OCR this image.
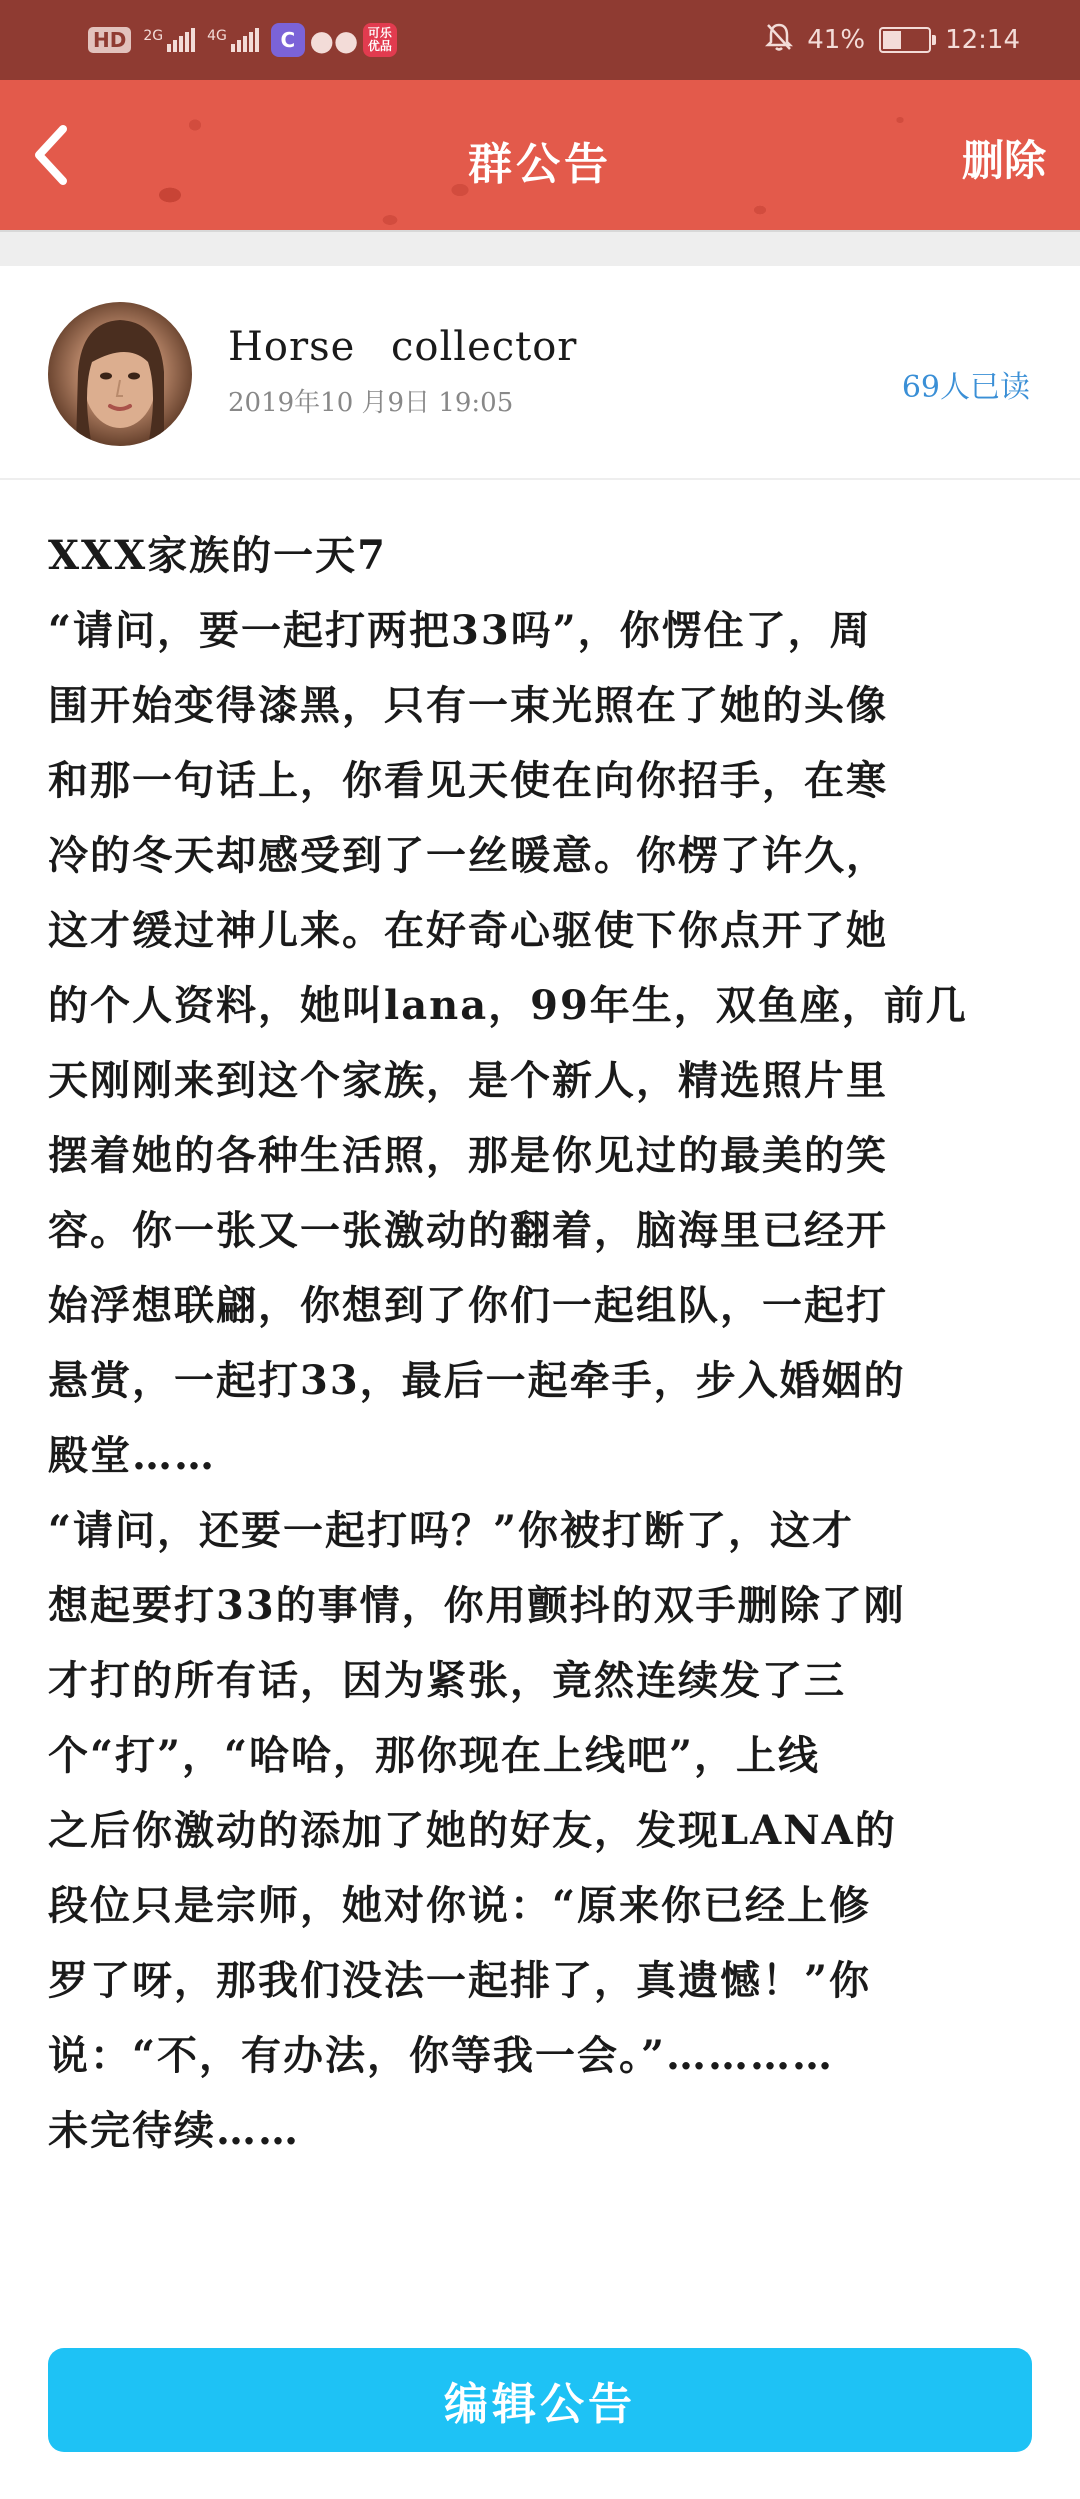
HD	2G	4G	C ●● 可乐优品	41%	12:14
群公告	删除
Horse collector
2019年10 月9日 19:05	69人已读
XXX家族的一天7
“请问，要一起打两把33吗”，你愣住了，周
围开始变得漆黑，只有一束光照在了她的头像
和那一句话上，你看见天使在向你招手，在寒
冷的冬天却感受到了一丝暖意。你楞了许久，
这才缓过神儿来。在好奇心驱使下你点开了她
的个人资料，她叫lana，99年生，双鱼座，前几
天刚刚来到这个家族，是个新人，精选照片里
摆着她的各种生活照，那是你见过的最美的笑
容。你一张又一张激动的翻着，脑海里已经开
始浮想联翩，你想到了你们一起组队，一起打
悬赏，一起打33，最后一起牵手，步入婚姻的
殿堂……
“请问，还要一起打吗？”你被打断了，这才
想起要打33的事情，你用颤抖的双手删除了刚
才打的所有话，因为紧张，竟然连续发了三
个“打”，“哈哈，那你现在上线吧”，上线
之后你激动的添加了她的好友，发现LANA的
段位只是宗师，她对你说：“原来你已经上修
罗了呀，那我们没法一起排了，真遗憾！”你
说：“不，有办法，你等我一会。”…………
未完待续……
编辑公告
